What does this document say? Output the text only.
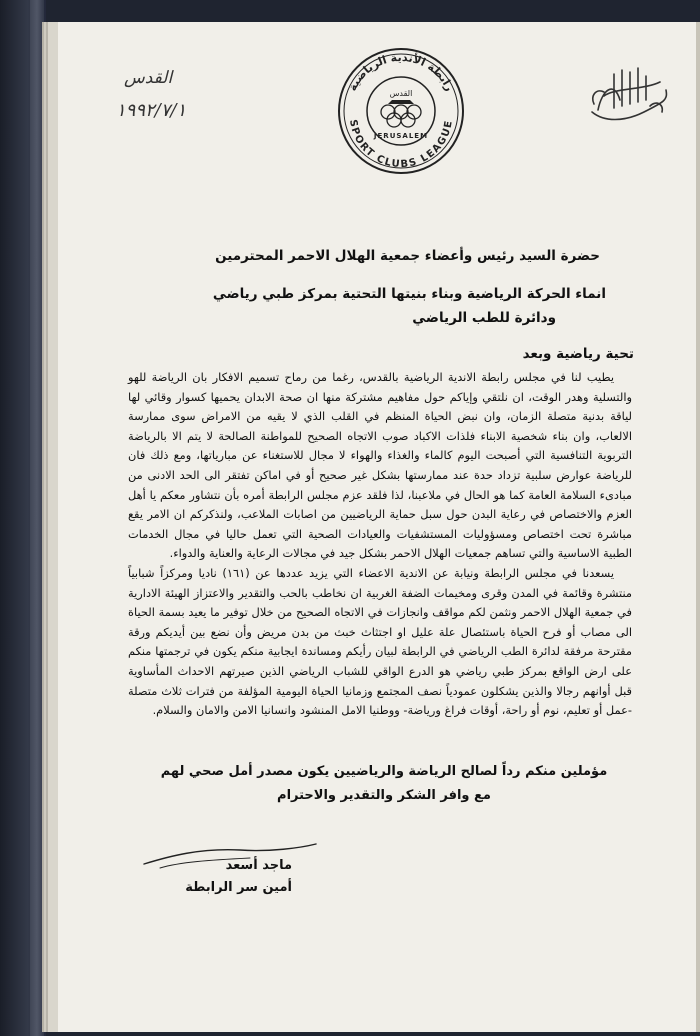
رابطة الأندية الرياضية
SPORT CLUBS LEAGUE
JERUSALEM
القدس
القدس
١٩٩٢/٧/١
حضرة السيد رئيس وأعضاء جمعية الهلال الاحمر المحترمين
انماء الحركة الرياضية وبناء بنيتها التحتية بمركز طبي رياضي
ودائرة للطب الرياضي
تحية رياضية وبعد

يطيب لنا في مجلس رابطة الاندية الرياضية بالقدس، رغما من رماح تسميم الافكار بان الرياضة للهو والتسلية وهدر الوقت، ان نلتقي وإياكم حول مفاهيم مشتركة منها ان صحة الابدان يحميها كسوار وقائي لها لياقة بدنية متصلة الزمان، وان نبض الحياة المنظم في القلب الذي لا يقيه من الامراض سوى ممارسة الالعاب، وان بناء شخصية الابناء فلذات الاكباد صوب الاتجاه الصحيح للمواطنة الصالحة لا يتم الا بالرياضة التربوية التنافسية التي أصبحت اليوم كالماء والغذاء والهواء لا مجال للاستغناء عن مبارياتها، ومع ذلك فان للرياضة عوارض سلبية تزداد حدة عند ممارستها بشكل غير صحيح أو في اماكن تفتقر الى الحد الادنى من مبادىء السلامة العامة كما هو الحال في ملاعبنا، لذا فلقد عزم مجلس الرابطة أمره بأن نتشاور معكم يا أهل العزم والاختصاص في رعاية البدن حول سبل حماية الرياضيين من اصابات الملاعب، ولنذكركم ان الامر يقع مباشرة تحت اختصاص ومسؤوليات المستشفيات والعيادات الصحية التي تعمل حاليا في مجال الخدمات الطبية الاساسية والتي تساهم جمعيات الهلال الاحمر بشكل جيد في مجالات الرعاية والعناية والدواء.

يسعدنا في مجلس الرابطة ونيابة عن الاندية الاعضاء التي يزيد عددها عن (١٦١) ناديا ومركزاً شبابياً منتشرة وقائمة في المدن وقرى ومخيمات الضفة الغربية ان نخاطب بالحب والتقدير والاعتزاز الهيئة الادارية في جمعية الهلال الاحمر ونثمن لكم مواقف وانجازات في الاتجاه الصحيح من خلال توفير ما يعيد بسمة الحياة الى مصاب أو فرح الحياة باستئصال علة عليل او اجتثاث خبث من بدن مريض وأن نضع بين أيديكم ورقة مقترحة مرفقة لدائرة الطب الرياضي في الرابطة لبيان رأيكم ومساندة ايجابية منكم يكون في ترجمتها منكم على ارض الواقع بمركز طبي رياضي هو الدرع الواقي للشباب الرياضي الذين صيرتهم الاحداث المأساوية قبل أوانهم رجالا والذين يشكلون عمودياً نصف المجتمع وزمانيا الحياة اليومية المؤلفة من فترات ثلاث متصلة -عمل أو تعليم، نوم أو راحة، أوقات فراغ ورياضة- ووطنيا الامل المنشود وانسانيا الامن والامان والسلام.

مؤملين منكم رداً لصالح الرياضة والرياضيين يكون مصدر أمل صحي لهم
مع وافر الشكر والتقدير والاحترام
ماجد أسعد
أمين سر الرابطة
